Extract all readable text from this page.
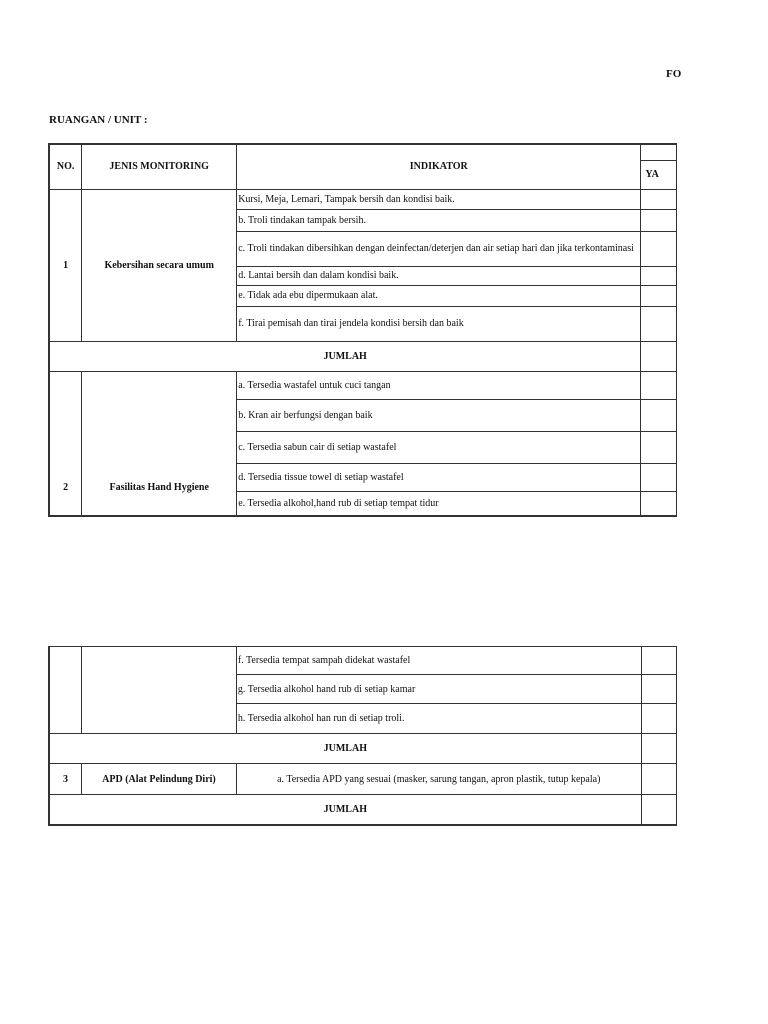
FO
RUANGAN / UNIT :
NO.	JENIS MONITORING	INDIKATOR	
			YA
1	Kebersihan secara umum	Kursi, Meja, Lemari, Tampak bersih dan kondisi baik.	
		b. Troli tindakan tampak bersih.	
		c. Troli tindakan dibersihkan dengan deinfectan/deterjen dan air setiap hari dan jika terkontaminasi	
		d. Lantai bersih dan dalam kondisi baik.	
		e. Tidak ada ebu dipermukaan alat.	
		f. Tirai pemisah dan tirai jendela kondisi bersih dan baik	
JUMLAH			
2	Fasilitas Hand Hygiene	a. Tersedia wastafel untuk cuci tangan	
		b. Kran air berfungsi dengan baik	
		c. Tersedia sabun cair di setiap wastafel	
		d. Tersedia tissue towel di setiap wastafel	
		e. Tersedia alkohol,hand rub di setiap tempat tidur	
		f. Tersedia tempat sampah didekat wastafel	
		g. Tersedia alkohol hand rub di setiap kamar	
		h. Tersedia alkohol han run di setiap troli.	
JUMLAH			
3	APD (Alat Pelindung Diri)	a. Tersedia APD yang sesuai (masker, sarung tangan, apron plastik, tutup kepala)	
JUMLAH			
